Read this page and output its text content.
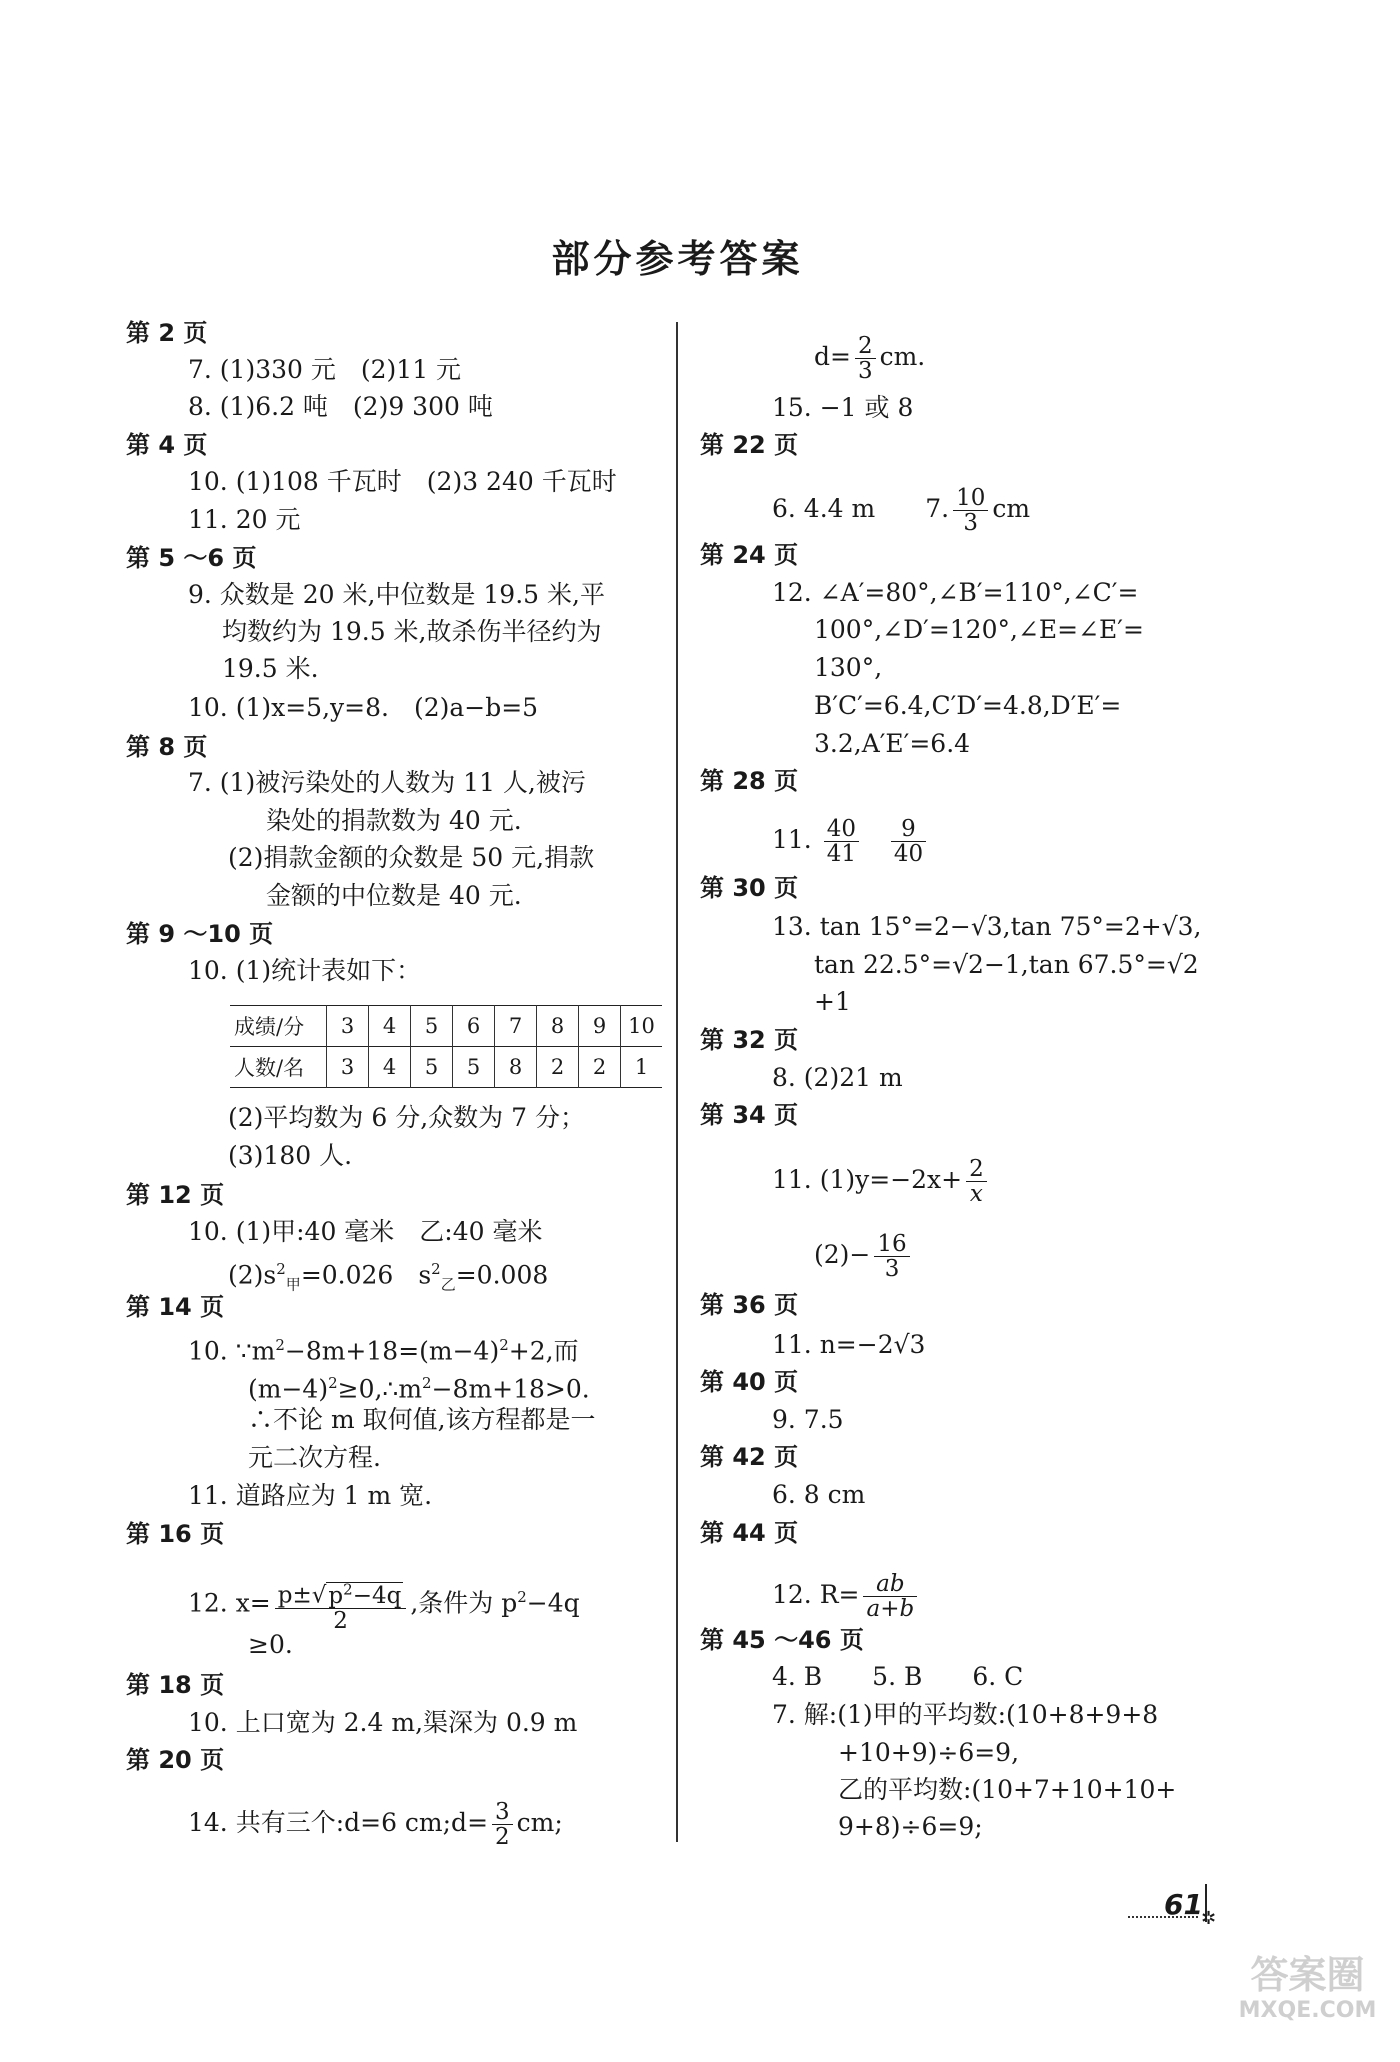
部分参考答案
第 2 页
7. (1)330 元　(2)11 元
8. (1)6.2 吨　(2)9 300 吨
第 4 页
10. (1)108 千瓦时　(2)3 240 千瓦时
11. 20 元
第 5 ～6 页
9. 众数是 20 米,中位数是 19.5 米,平
均数约为 19.5 米,故杀伤半径约为
19.5 米.
10. (1)x=5,y=8.　(2)a−b=5
第 8 页
7. (1)被污染处的人数为 11 人,被污
染处的捐款数为 40 元.
(2)捐款金额的众数是 50 元,捐款
金额的中位数是 40 元.
第 9 ～10 页
10. (1)统计表如下：
成绩/分	3	4	5	6	7	8	9	10
人数/名	3	4	5	5	8	2	2	1
(2)平均数为 6 分,众数为 7 分；
(3)180 人.
第 12 页
10. (1)甲:40 毫米　乙:40 毫米
$(2)s^2_甲=0.026$　$s^2_乙=0.008$
第 14 页
10. $\because m^2-8m+18=(m-4)^2+2$,而
$(m-4)^2\ge 0,\therefore m^2-8m+18>0$.
∴不论 m 取何值,该方程都是一
元二次方程.
11. 道路应为 1 m 宽.
第 16 页
12. $x= \frac{p\pm√p^2-4q}{2}$ ,条件为 $p^2-4q$
≥0.
第 18 页
10. 上口宽为 2.4 m,渠深为 0.9 m
第 20 页
14. 共有三个:d=6 cm;d= $\frac{3}{2}$ cm;
$d= \frac{2}{3}$ cm.
15. −1 或 8
第 22 页
6. 4.4 m　　7. $\frac{10}{3}$ cm
第 24 页
12. ∠A′=80°,∠B′=110°,∠C′=
100°,∠D′=120°,∠E=∠E′=
130°,
B′C′=6.4,C′D′=4.8,D′E′=
3.2,A′E′=6.4
第 28 页
11. $\frac{40}{41}$
$\frac{9}{40}$
第 30 页
13. tan 15°=2−√3,tan 75°=2+√3,
tan 22.5°=√2−1,tan 67.5°=√2
+1
第 32 页
8. (2)21 m
第 34 页
11. $(1)y=-2x+ \frac{2}{x}$
$(2)- \frac{16}{3}$
第 36 页
11. n=−2√3
第 40 页
9. 7.5
第 42 页
6. 8 cm
第 44 页
12. $R= \frac{ab}{a+b}$
第 45 ～46 页
4. B　　5. B　　6. C
7. 解:(1)甲的平均数:(10+8+9+8
+10+9)÷6=9,
乙的平均数:(10+7+10+10+
9+8)÷6=9;
61
✲
答案圈
MXQE.COM
